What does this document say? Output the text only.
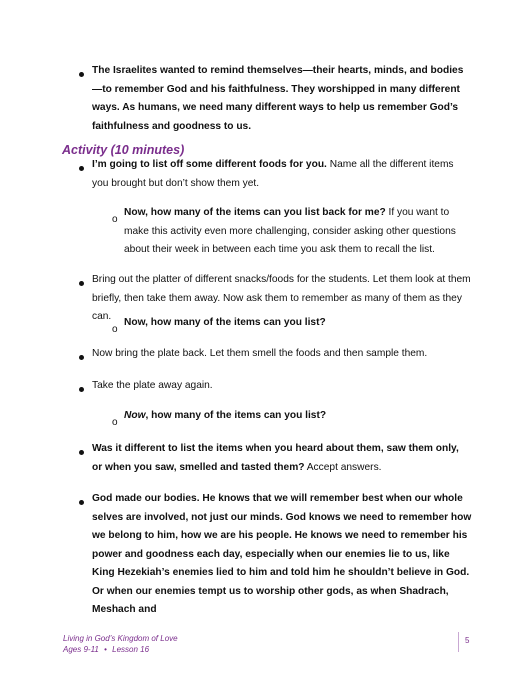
The Israelites wanted to remind themselves—their hearts, minds, and bodies—to remember God and his faithfulness. They worshipped in many different ways. As humans, we need many different ways to help us remember God’s faithfulness and goodness to us.
Activity (10 minutes)
I’m going to list off some different foods for you. Name all the different items you brought but don’t show them yet.
o
Now, how many of the items can you list back for me? If you want to make this activity even more challenging, consider asking other questions about their week in between each time you ask them to recall the list.
Bring out the platter of different snacks/foods for the students. Let them look at them briefly, then take them away. Now ask them to remember as many of them as they can.
o
Now, how many of the items can you list?
Now bring the plate back. Let them smell the foods and then sample them.
Take the plate away again.
o
Now, how many of the items can you list?
Was it different to list the items when you heard about them, saw them only, or when you saw, smelled and tasted them? Accept answers.
God made our bodies. He knows that we will remember best when our whole selves are involved, not just our minds. God knows we need to remember how we belong to him, how we are his people. He knows we need to remember his power and goodness each day, especially when our enemies lie to us, like King Hezekiah’s enemies lied to him and told him he shouldn’t believe in God. Or when our enemies tempt us to worship other gods, as when Shadrach, Meshach and
Living in God’s Kingdom of Love
Ages 9-11 • Lesson 16
5
